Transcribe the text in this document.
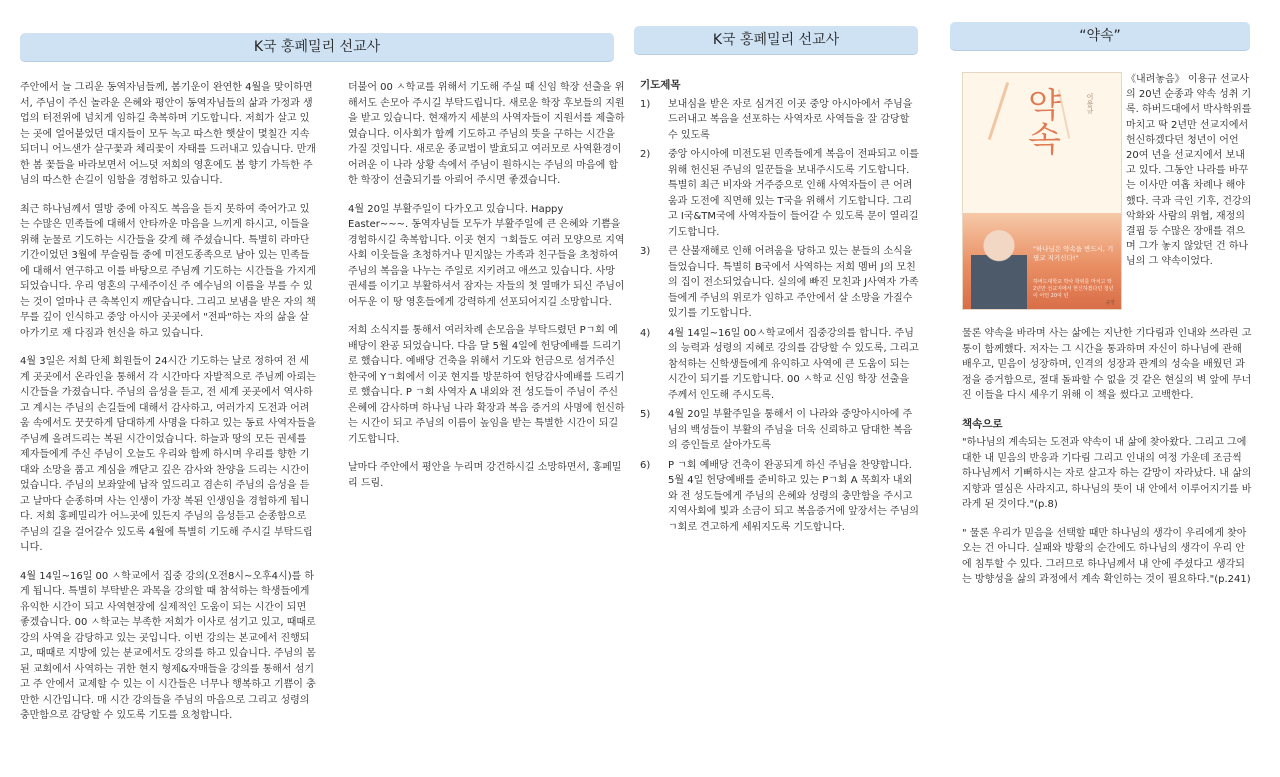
K국 홍페밀리 선교사	K국 홍페밀리 선교사	“약속”

주안에서 늘 그리운 동역자님들께, 봄기운이 완연한 4월을 맞이하면서, 주님이 주신 놀라운 은혜와 평안이 동역자님들의 삶과 가정과 생업의 터전위에 넘치게 임하길 축복하며 기도합니다. 저희가 살고 있는 곳에 얼어붙었던 대지들이 모두 녹고 따스한 햇살이 몇칠간 지속되더니 어느샌가 살구꽃과 체리꽃이 자태를 드러내고 있습니다. 만개한 봄 꽃들을 바라보면서 어느덧 저희의 영혼에도 봄 향기 가득한 주님의 따스한 손길이 임함을 경험하고 있습니다.

최근 하나님께서 열방 중에 아직도 복음을 듣지 못하여 죽어가고 있는 수많은 민족들에 대해서 안타까운 마음을 느끼게 하시고, 이들을 위해 눈물로 기도하는 시간들을 갖게 해 주셨습니다. 특별히 라마단 기간이었던 3월에 무슬림들 중에 미전도종족으로 남아 있는 민족들에 대해서 연구하고 이를 바탕으로 주님께 기도하는 시간들을 가지게 되었습니다. 우리 영혼의 구세주이신 주 예수님의 이름을 부를 수 있는 것이 얼마나 큰 축복인지 깨닫습니다. 그리고 보냄을 받은 자의 책무를 깊이 인식하고 중앙 아시아 곳곳에서 "전파"하는 자의 삶을 살아가기로 재 다짐과 헌신을 하고 있습니다.

4월 3일은 저희 단체 회원들이 24시간 기도하는 날로 정하여 전 세계 곳곳에서 온라인을 통해서 각 시간마다 자발적으로 주님께 아뢰는 시간들을 가졌습니다. 주님의 음성을 듣고, 전 세계 곳곳에서 역사하고 계시는 주님의 손길들에 대해서 감사하고, 여러가지 도전과 어려움 속에서도 꿋꿋하게 담대하게 사명을 다하고 있는 동료 사역자들을 주님께 올려드리는 복된 시간이었습니다. 하늘과 땅의 모든 권세를 제자들에게 주신 주님이 오늘도 우리와 함께 하시며 우리를 향한 기대와 소망을 품고 계심을 깨닫고 깊은 감사와 찬양을 드리는 시간이었습니다. 주님의 보좌앞에 납작 엎드리고 겸손히 주님의 음성을 듣고 날마다 순종하며 사는 인생이 가장 복된 인생임을 경험하게 됩니다. 저희 홍페밀리가 어느곳에 있든지 주님의 음성듣고 순종함으로 주님의 길을 걸어갈수 있도록 4월에 특별히 기도해 주시길 부탁드립니다.

4월 14일~16일 00 ㅅ학교에서 집중 강의(오전8시~오후4시)를 하게 됩니다. 특별히 부탁받은 과목을 강의할 때 참석하는 학생들에게 유익한 시간이 되고 사역현장에 실제적인 도움이 되는 시간이 되면 좋겠습니다. 00 ㅅ학교는 부족한 저희가 이사로 섬기고 있고, 때때로 강의 사역을 감당하고 있는 곳입니다. 이번 강의는 본교에서 진행되고, 때때로 지방에 있는 분교에서도 강의를 하고 있습니다. 주님의 몸된 교회에서 사역하는 귀한 현지 형제&자매들을 강의를 통해서 섬기고 주 안에서 교제할 수 있는 이 시간들은 너무나 행복하고 기쁨이 충만한 시간입니다. 매 시간 강의들을 주님의 마음으로 그리고 성령의 충만함으로 감당할 수 있도록 기도를 요청합니다.

더불어 00 ㅅ학교를 위해서 기도해 주실 때 신임 학장 선출을 위해서도 손모아 주시길 부탁드립니다. 새로운 학장 후보들의 지원을 받고 있습니다. 현재까지 세분의 사역자들이 지원서를 제출하였습니다. 이사회가 함께 기도하고 주님의 뜻을 구하는 시간을 가질 것입니다. 새로운 종교법이 발효되고 여러모로 사역환경이 어려운 이 나라 상황 속에서 주님이 원하시는 주님의 마음에 합한 학장이 선출되기를 아뢰어 주시면 좋겠습니다.

4월 20일 부활주일이 다가오고 있습니다. Happy Easter~~~. 동역자님들 모두가 부활주일에 큰 은혜와 기쁨을 경험하시길 축복합니다. 이곳 현지 ㄱ회들도 여러 모양으로 지역사회 이웃들을 초청하거나 믿지않는 가족과 친구들을 초청하여 주님의 복음을 나누는 주일로 지키려고 애쓰고 있습니다. 사망 권세를 이기고 부활하셔서 잠자는 자들의 첫 열매가 되신 주님이 어두운 이 땅 영혼들에게 강력하게 선포되어지길 소망합니다.

저희 소식지를 통해서 여러차례 손모음을 부탁드렸던 Pㄱ회 예배당이 완공 되었습니다. 다음 달 5월 4일에 헌당예배를 드리기로 했습니다. 예배당 건축을 위해서 기도와 헌금으로 섬겨주신 한국에 Yㄱ회에서 이곳 현지를 방문하여 헌당감사예배를 드리기로 했습니다. P ㄱ회 사역자 A 내외와 전 성도들이 주님이 주신 은혜에 감사하며 하나님 나라 확장과 복음 증거의 사명에 헌신하는 시간이 되고 주님의 이름이 높임을 받는 특별한 시간이 되길 기도합니다.

날마다 주안에서 평안을 누리며 강건하시길 소망하면서, 홍페밀리 드림.

기도제목
1)	보내심을 받은 자로 심겨진 이곳 중앙 아시아에서 주님을 드러내고 복음을 선포하는 사역자로 사역들을 잘 감당할 수 있도록
2)	중앙 아시아에 미전도된 민족들에게 복음이 전파되고 이를 위해 헌신된 주님의 일꾼들을 보내주시도록 기도합니다. 특별히 최근 비자와 거주증으로 인해 사역자들이 큰 어려움과 도전에 직면해 있는 T국을 위해서 기도합니다. 그리고 I국&TM국에 사역자들이 들어갈 수 있도록 문이 열리길 기도합니다.
3)	큰 산불재해로 인해 어려움을 당하고 있는 분들의 소식을 들었습니다. 특별히 B국에서 사역하는 저희 멤버 J의 모친의 집이 전소되었습니다. 실의에 빠진 모친과 J사역자 가족들에게 주님의 위로가 임하고 주안에서 살 소망을 가질수 있기를 기도합니다.
4)	4월 14일~16일 00ㅅ학교에서 집중강의를 합니다. 주님의 능력과 성령의 지혜로 강의를 감당할 수 있도록, 그리고 참석하는 신학생들에게 유익하고 사역에 큰 도움이 되는 시간이 되기를 기도합니다. 00 ㅅ학교 신임 학장 선출을 주께서 인도해 주시도록.
5)	4월 20일 부활주일을 통해서 이 나라와 중앙아시아에 주님의 백성들이 부활의 주님을 더욱 신뢰하고 담대한 복음의 증인들로 살아가도록
6)	P ㄱ회 예배당 건축이 완공되게 하신 주님을 찬양합니다. 5월 4일 헌당예배를 준비하고 있는 Pㄱ회 A 목회자 내외와 전 성도들에게 주님의 은혜와 성령의 충만함을 주시고 지역사회에 빛과 소금이 되고 복음증거에 앞장서는 주님의 ㄱ회로 견고하게 세워지도록 기도합니다.
약속	이용규
"하나님은 약속을 반드시, 기필코 지키신다!"
하버드대학교 박사 학위를 마치고 딱 2년만 선교지에서 헌신하겠다던 청년이 어언 20여 년
규장

《내려놓음》 이용규 선교사의 20년 순종과 약속 성취 기록. 하버드대에서 박사학위를 마치고 딱 2년만 선교지에서 헌신하겠다던 청년이 어언 20여 년을 선교지에서 보내고 있다. 그동안 나라를 바꾸는 이사만 여홉 차례나 해야 했다. 극과 극인 기후, 건강의 악화와 사람의 위협, 재정의 결핍 등 수많은 장애를 겪으며 그가 놓지 않았던 건 하나님의 그 약속이었다.

물론 약속을 바라며 사는 삶에는 지난한 기다림과 인내와 쓰라린 고통이 함께했다. 저자는 그 시간을 통과하며 자신이 하나님에 관해 배우고, 믿음이 성장하며, 인격의 성장과 관계의 성숙을 배웠던 과정을 증거함으로, 절대 돌파할 수 없을 것 같은 현실의 벽 앞에 무너진 이들을 다시 세우기 위해 이 책을 썼다고 고백한다.

책속으로

"하나님의 계속되는 도전과 약속이 내 삶에 찾아왔다. 그리고 그에 대한 내 믿음의 반응과 기다림 그리고 인내의 여정 가운데 조금씩 하나님께서 기뻐하시는 자로 살고자 하는 갈망이 자라났다. 내 삶의 지향과 열심은 사라지고, 하나님의 뜻이 내 안에서 이루어지기를 바라게 된 것이다."(p.8)

" 물론 우리가 믿음을 선택할 때만 하나님의 생각이 우리에게 찾아오는 건 아니다. 실패와 방황의 순간에도 하나님의 생각이 우리 안에 침투할 수 있다. 그러므로 하나님께서 내 안에 주셨다고 생각되는 방향성을 삶의 과정에서 계속 확인하는 것이 필요하다."(p.241)
